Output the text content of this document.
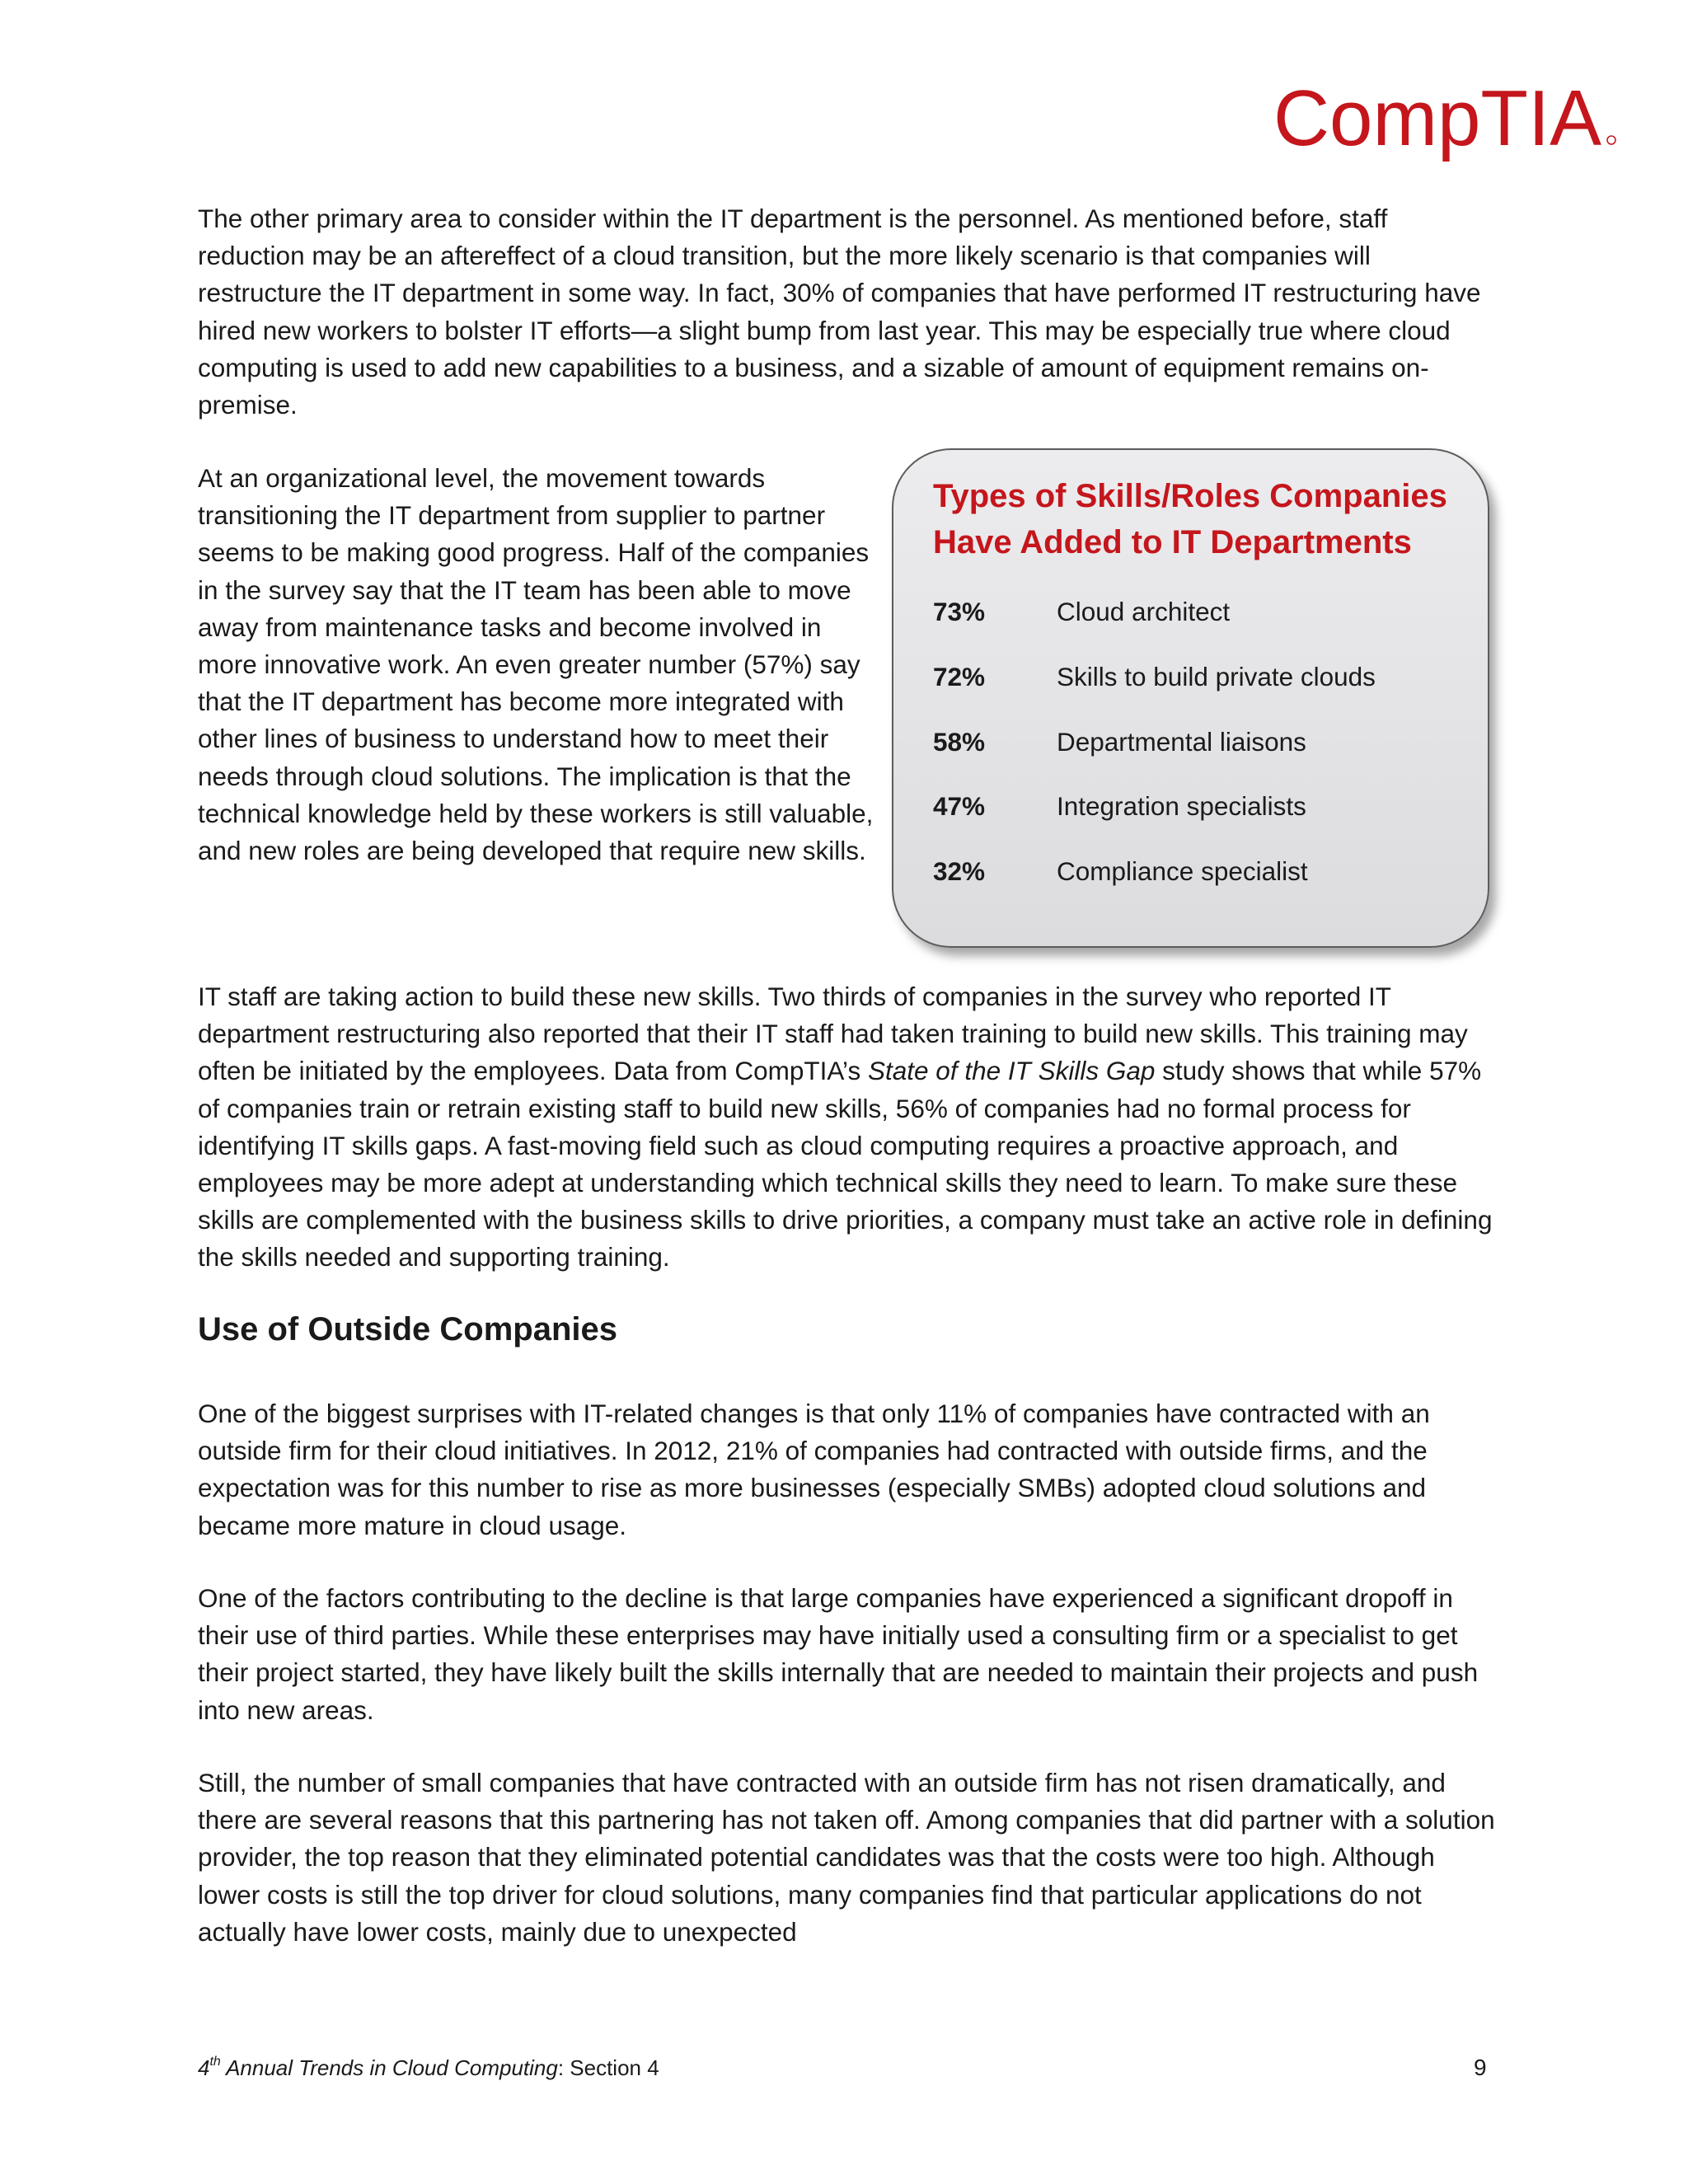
CompTIA

The other primary area to consider within the IT department is the personnel. As mentioned before, staff reduction may be an aftereffect of a cloud transition, but the more likely scenario is that companies will restructure the IT department in some way. In fact, 30% of companies that have performed IT restructuring have hired new workers to bolster IT efforts—a slight bump from last year. This may be especially true where cloud computing is used to add new capabilities to a business, and a sizable of amount of equipment remains on-premise.

At an organizational level, the movement towards transitioning the IT department from supplier to partner seems to be making good progress. Half of the companies in the survey say that the IT team has been able to move away from maintenance tasks and become involved in more innovative work. An even greater number (57%) say that the IT department has become more integrated with other lines of business to understand how to meet their needs through cloud solutions. The implication is that the technical knowledge held by these workers is still valuable, and new roles are being developed that require new skills.

Types of Skills/Roles Companies Have Added to IT Departments
73%	Cloud architect
72%	Skills to build private clouds
58%	Departmental liaisons
47%	Integration specialists
32%	Compliance specialist

IT staff are taking action to build these new skills. Two thirds of companies in the survey who reported IT department restructuring also reported that their IT staff had taken training to build new skills. This training may often be initiated by the employees. Data from CompTIA’s State of the IT Skills Gap study shows that while 57% of companies train or retrain existing staff to build new skills, 56% of companies had no formal process for identifying IT skills gaps. A fast-moving field such as cloud computing requires a proactive approach, and employees may be more adept at understanding which technical skills they need to learn. To make sure these skills are complemented with the business skills to drive priorities, a company must take an active role in defining the skills needed and supporting training.

Use of Outside Companies

One of the biggest surprises with IT-related changes is that only 11% of companies have contracted with an outside firm for their cloud initiatives. In 2012, 21% of companies had contracted with outside firms, and the expectation was for this number to rise as more businesses (especially SMBs) adopted cloud solutions and became more mature in cloud usage.

One of the factors contributing to the decline is that large companies have experienced a significant dropoff in their use of third parties. While these enterprises may have initially used a consulting firm or a specialist to get their project started, they have likely built the skills internally that are needed to maintain their projects and push into new areas.

Still, the number of small companies that have contracted with an outside firm has not risen dramatically, and there are several reasons that this partnering has not taken off. Among companies that did partner with a solution provider, the top reason that they eliminated potential candidates was that the costs were too high. Although lower costs is still the top driver for cloud solutions, many companies find that particular applications do not actually have lower costs, mainly due to unexpected

4th Annual Trends in Cloud Computing: Section 4	9
